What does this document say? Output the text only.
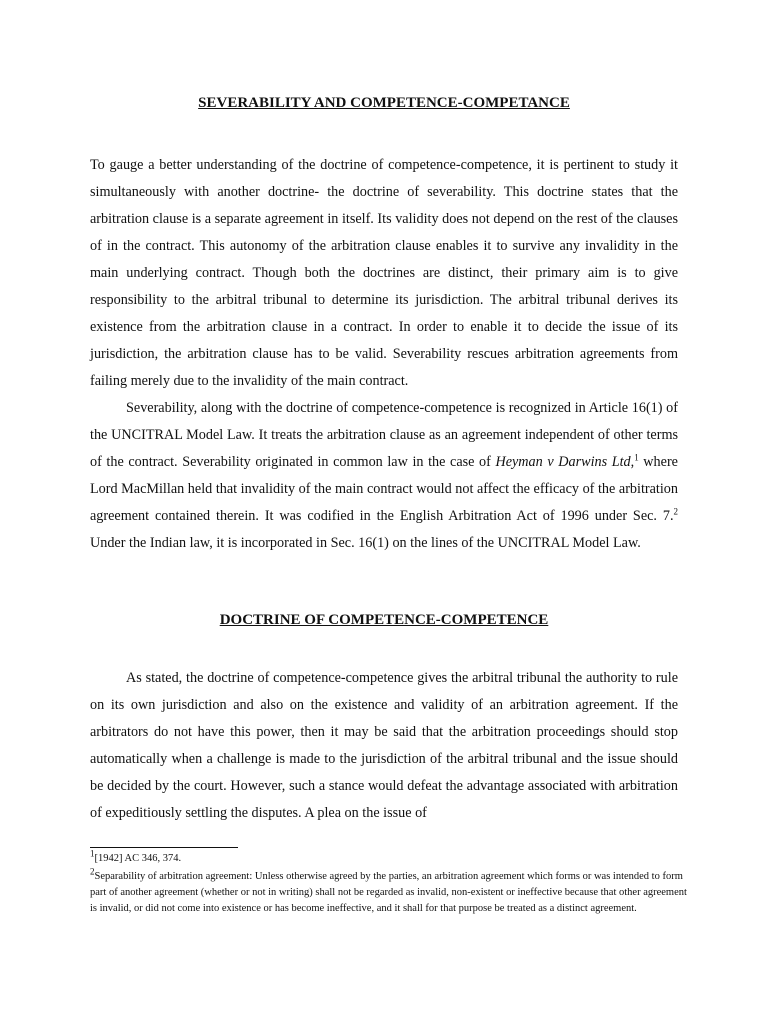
SEVERABILITY AND COMPETENCE-COMPETANCE

To gauge a better understanding of the doctrine of competence-competence, it is pertinent to study it simultaneously with another doctrine- the doctrine of severability. This doctrine states that the arbitration clause is a separate agreement in itself. Its validity does not depend on the rest of the clauses of in the contract. This autonomy of the arbitration clause enables it to survive any invalidity in the main underlying contract. Though both the doctrines are distinct, their primary aim is to give responsibility to the arbitral tribunal to determine its jurisdiction. The arbitral tribunal derives its existence from the arbitration clause in a contract. In order to enable it to decide the issue of its jurisdiction, the arbitration clause has to be valid. Severability rescues arbitration agreements from failing merely due to the invalidity of the main contract.

Severability, along with the doctrine of competence-competence is recognized in Article 16(1) of the UNCITRAL Model Law. It treats the arbitration clause as an agreement independent of other terms of the contract. Severability originated in common law in the case of Heyman v Darwins Ltd,$^1$ where Lord MacMillan held that invalidity of the main contract would not affect the efficacy of the arbitration agreement contained therein. It was codified in the English Arbitration Act of 1996 under Sec. 7.$^2$ Under the Indian law, it is incorporated in Sec. 16(1) on the lines of the UNCITRAL Model Law.

DOCTRINE OF COMPETENCE-COMPETENCE

As stated, the doctrine of competence-competence gives the arbitral tribunal the authority to rule on its own jurisdiction and also on the existence and validity of an arbitration agreement. If the arbitrators do not have this power, then it may be said that the arbitration proceedings should stop automatically when a challenge is made to the jurisdiction of the arbitral tribunal and the issue should be decided by the court. However, such a stance would defeat the advantage associated with arbitration of expeditiously settling the disputes. A plea on the issue of

$^1$[1942] AC 346, 374.

$^2$Separability of arbitration agreement: Unless otherwise agreed by the parties, an arbitration agreement which forms or was intended to form part of another agreement (whether or not in writing) shall not be regarded as invalid, non-existent or ineffective because that other agreement is invalid, or did not come into existence or has become ineffective, and it shall for that purpose be treated as a distinct agreement.
